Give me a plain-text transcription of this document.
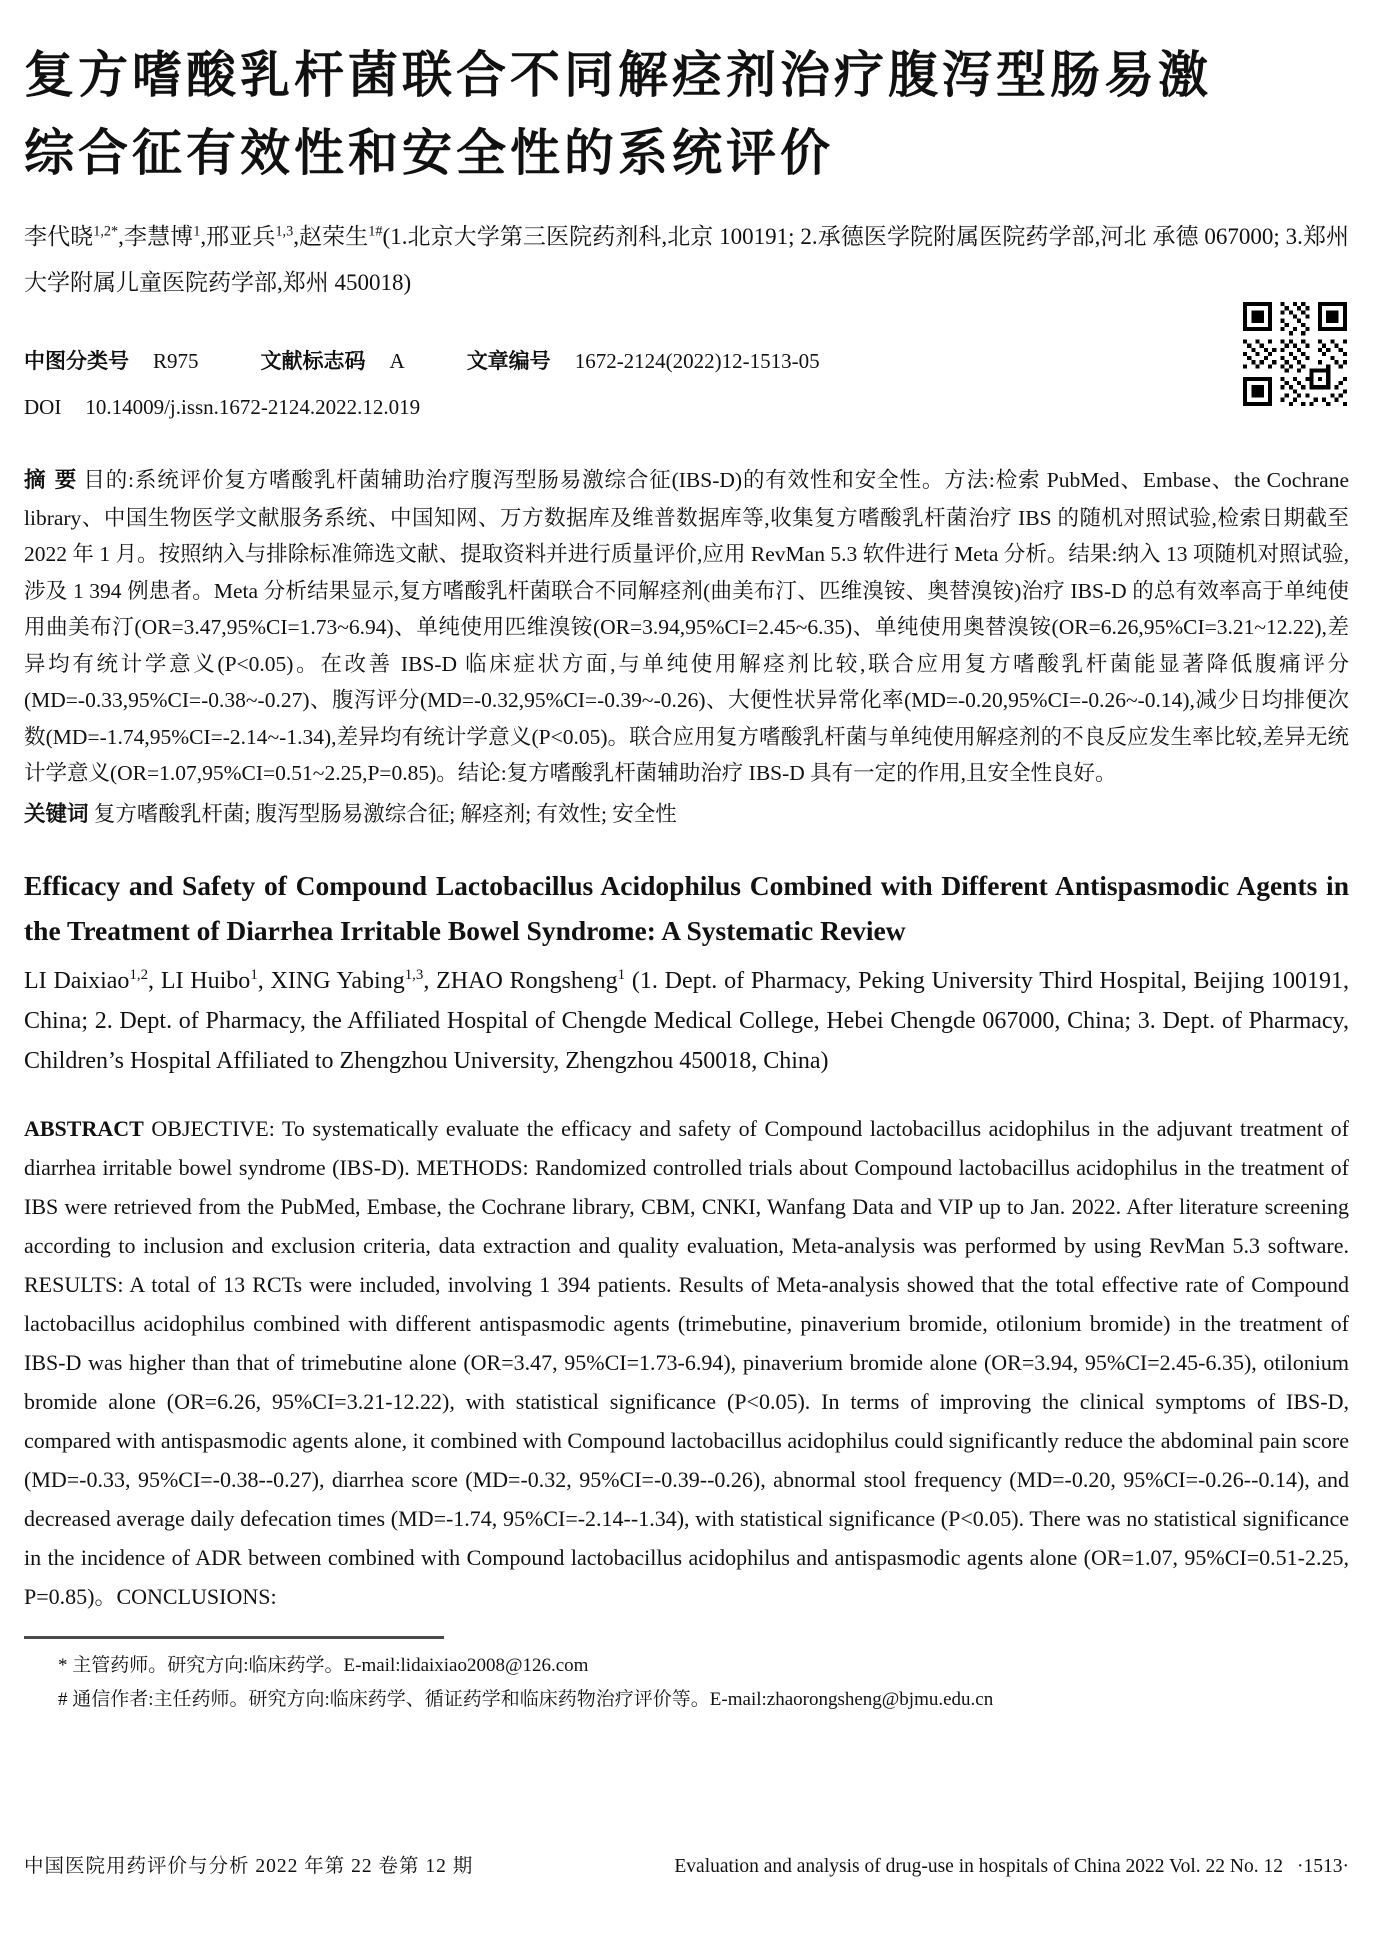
复方嗜酸乳杆菌联合不同解痉剂治疗腹泻型肠易激
综合征有效性和安全性的系统评价

李代晓$^{1,2*}$,李慧博$^1$,邢亚兵$^{1,3}$,赵荣生$^{1\#}$(1.北京大学第三医院药剂科,北京 100191; 2.承德医学院附属医院药学部,河北 承德 067000; 3.郑州大学附属儿童医院药学部,郑州 450018)

中图分类号 R975	文献标志码 A	文章编号 1672-2124(2022)12-1513-05

DOI 10.14009/j.issn.1672-2124.2022.12.019

摘 要 目的:系统评价复方嗜酸乳杆菌辅助治疗腹泻型肠易激综合征(IBS-D)的有效性和安全性。方法:检索 PubMed、Embase、the Cochrane library、中国生物医学文献服务系统、中国知网、万方数据库及维普数据库等,收集复方嗜酸乳杆菌治疗 IBS 的随机对照试验,检索日期截至 2022 年 1 月。按照纳入与排除标准筛选文献、提取资料并进行质量评价,应用 RevMan 5.3 软件进行 Meta 分析。结果:纳入 13 项随机对照试验,涉及 1 394 例患者。Meta 分析结果显示,复方嗜酸乳杆菌联合不同解痉剂(曲美布汀、匹维溴铵、奥替溴铵)治疗 IBS-D 的总有效率高于单纯使用曲美布汀(OR=3.47,95%CI=1.73~6.94)、单纯使用匹维溴铵(OR=3.94,95%CI=2.45~6.35)、单纯使用奥替溴铵(OR=6.26,95%CI=3.21~12.22),差异均有统计学意义(P<0.05)。在改善 IBS-D 临床症状方面,与单纯使用解痉剂比较,联合应用复方嗜酸乳杆菌能显著降低腹痛评分(MD=-0.33,95%CI=-0.38~-0.27)、腹泻评分(MD=-0.32,95%CI=-0.39~-0.26)、大便性状异常化率(MD=-0.20,95%CI=-0.26~-0.14),减少日均排便次数(MD=-1.74,95%CI=-2.14~-1.34),差异均有统计学意义(P<0.05)。联合应用复方嗜酸乳杆菌与单纯使用解痉剂的不良反应发生率比较,差异无统计学意义(OR=1.07,95%CI=0.51~2.25,P=0.85)。结论:复方嗜酸乳杆菌辅助治疗 IBS-D 具有一定的作用,且安全性良好。

关键词 复方嗜酸乳杆菌; 腹泻型肠易激综合征; 解痉剂; 有效性; 安全性

Efficacy and Safety of Compound Lactobacillus Acidophilus Combined with Different Antispasmodic Agents in the Treatment of Diarrhea Irritable Bowel Syndrome: A Systematic Review

LI Daixiao$^{1,2}$, LI Huibo$^1$, XING Yabing$^{1,3}$, ZHAO Rongsheng$^1$ (1. Dept. of Pharmacy, Peking University Third Hospital, Beijing 100191, China; 2. Dept. of Pharmacy, the Affiliated Hospital of Chengde Medical College, Hebei Chengde 067000, China; 3. Dept. of Pharmacy, Children’s Hospital Affiliated to Zhengzhou University, Zhengzhou 450018, China)

ABSTRACT OBJECTIVE: To systematically evaluate the efficacy and safety of Compound lactobacillus acidophilus in the adjuvant treatment of diarrhea irritable bowel syndrome (IBS-D). METHODS: Randomized controlled trials about Compound lactobacillus acidophilus in the treatment of IBS were retrieved from the PubMed, Embase, the Cochrane library, CBM, CNKI, Wanfang Data and VIP up to Jan. 2022. After literature screening according to inclusion and exclusion criteria, data extraction and quality evaluation, Meta-analysis was performed by using RevMan 5.3 software. RESULTS: A total of 13 RCTs were included, involving 1 394 patients. Results of Meta-analysis showed that the total effective rate of Compound lactobacillus acidophilus combined with different antispasmodic agents (trimebutine, pinaverium bromide, otilonium bromide) in the treatment of IBS-D was higher than that of trimebutine alone (OR=3.47, 95%CI=1.73-6.94), pinaverium bromide alone (OR=3.94, 95%CI=2.45-6.35), otilonium bromide alone (OR=6.26, 95%CI=3.21-12.22), with statistical significance (P<0.05). In terms of improving the clinical symptoms of IBS-D, compared with antispasmodic agents alone, it combined with Compound lactobacillus acidophilus could significantly reduce the abdominal pain score (MD=-0.33, 95%CI=-0.38--0.27), diarrhea score (MD=-0.32, 95%CI=-0.39--0.26), abnormal stool frequency (MD=-0.20, 95%CI=-0.26--0.14), and decreased average daily defecation times (MD=-1.74, 95%CI=-2.14--1.34), with statistical significance (P<0.05). There was no statistical significance in the incidence of ADR between combined with Compound lactobacillus acidophilus and antispasmodic agents alone (OR=1.07, 95%CI=0.51-2.25, P=0.85)。CONCLUSIONS:

* 主管药师。研究方向:临床药学。E-mail:lidaixiao2008@126.com

# 通信作者:主任药师。研究方向:临床药学、循证药学和临床药物治疗评价等。E-mail:zhaorongsheng@bjmu.edu.cn

中国医院用药评价与分析 2022 年第 22 卷第 12 期	Evaluation and analysis of drug-use in hospitals of China 2022 Vol. 22 No. 12 ·1513·
